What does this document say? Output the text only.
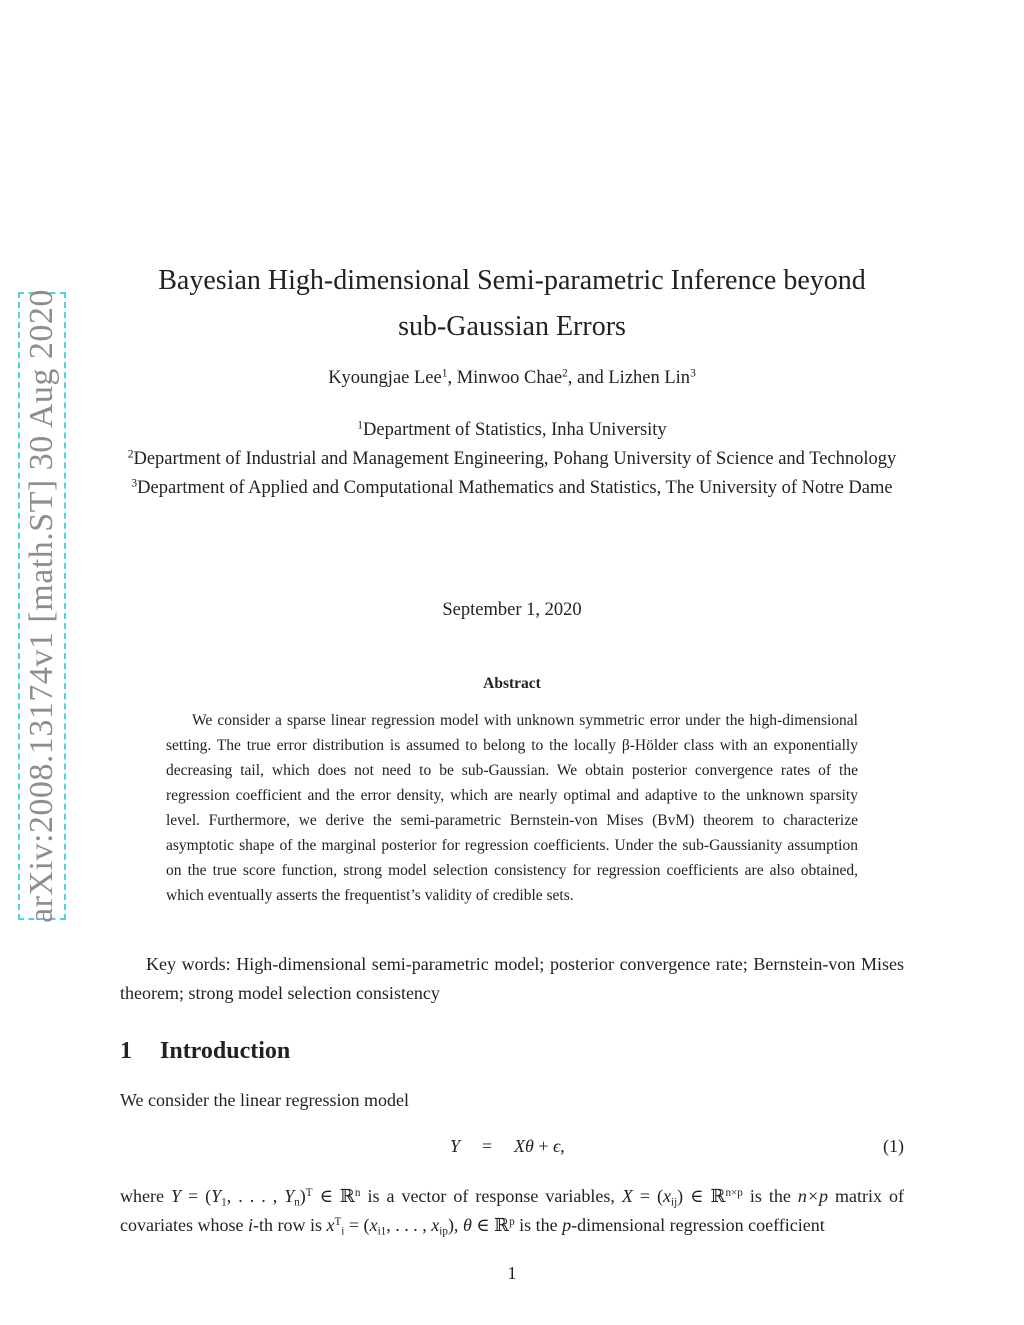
arXiv:2008.13174v1 [math.ST] 30 Aug 2020
Bayesian High-dimensional Semi-parametric Inference beyond
sub-Gaussian Errors
Kyoungjae Lee$^1$, Minwoo Chae$^2$, and Lizhen Lin$^3$
$^1$Department of Statistics, Inha University
$^2$Department of Industrial and Management Engineering, Pohang University of Science and Technology
$^3$Department of Applied and Computational Mathematics and Statistics, The University of Notre Dame
September 1, 2020
Abstract
We consider a sparse linear regression model with unknown symmetric error under the high-dimensional setting. The true error distribution is assumed to belong to the locally β-Hölder class with an exponentially decreasing tail, which does not need to be sub-Gaussian. We obtain posterior convergence rates of the regression coefficient and the error density, which are nearly optimal and adaptive to the unknown sparsity level. Furthermore, we derive the semi-parametric Bernstein-von Mises (BvM) theorem to characterize asymptotic shape of the marginal posterior for regression coefficients. Under the sub-Gaussianity assumption on the true score function, strong model selection consistency for regression coefficients are also obtained, which eventually asserts the frequentist’s validity of credible sets.
Key words: High-dimensional semi-parametric model; posterior convergence rate; Bernstein-von Mises theorem; strong model selection consistency
1 Introduction
We consider the linear regression model
Y = Xθ + ϵ,	(1)
where $Y = (Y_1$, . . . , $Y_n)^T$ ∈ ℝ$^n$ is a vector of response variables, $X = (x_{ij})$ ∈ ℝ$^{n\times p}$ is the n×p matrix of covariates whose i-th row is $x^T_i = (x_{i1}$, . . . , $x_{ip}$), θ ∈ ℝ$^p$ is the p-dimensional regression coefficient
1
